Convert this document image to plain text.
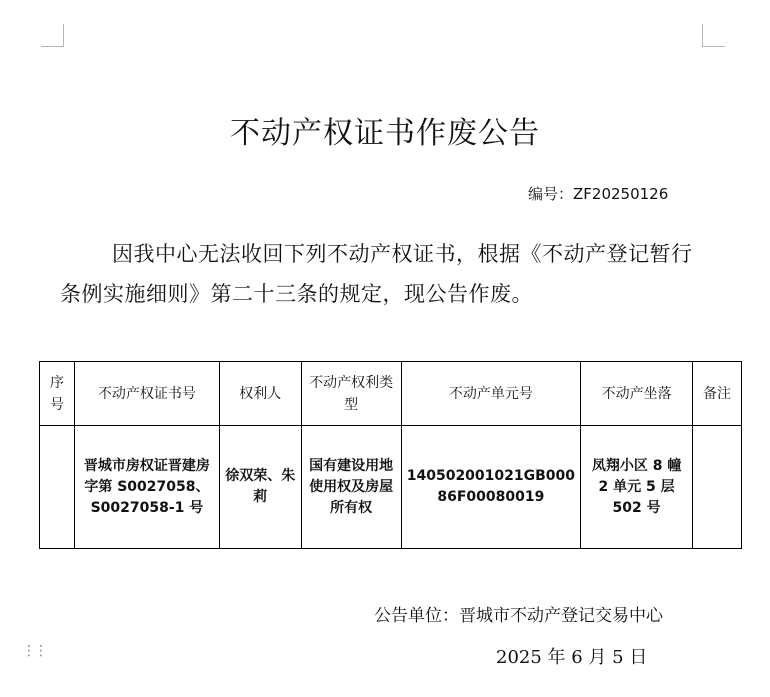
不动产权证书作废公告
编号：ZF20250126

因我中心无法收回下列不动产权证书，根据《不动产登记暂行条例实施细则》第二十三条的规定，现公告作废。

序号	不动产权证书号	权利人	不动产权利类型	不动产单元号	不动产坐落	备注
	晋城市房权证晋建房字第 S0027058、S0027058-1 号	徐双荣、朱莉	国有建设用地使用权及房屋所有权	140502001021GB00086F00080019	凤翔小区 8 幢 2 单元 5 层 502 号	
公告单位：晋城市不动产登记交易中心
2025 年 6 月 5 日
⋮⋮
